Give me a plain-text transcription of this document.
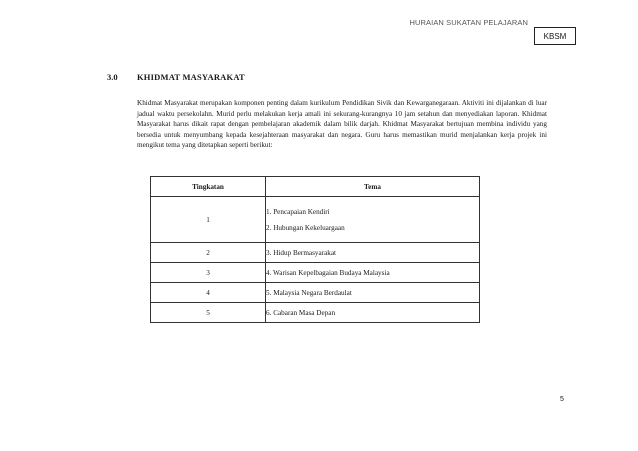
HURAIAN SUKATAN PELAJARAN
KBSM
3.0 KHIDMAT MASYARAKAT

Khidmat Masyarakat merupakan komponen penting dalam kurikulum Pendidikan Sivik dan Kewarganegaraan. Aktiviti ini dijalankan di luar jadual waktu persekolahn. Murid perlu melakukan kerja amali ini sekurang-kurangnya 10 jam setahun dan menyediakan laporan. Khidmat Masyarakat harus dikait rapat dengan pembelajaran akademik dalam bilik darjah. Khidmat Masyarakat bertujuan membina individu yang bersedia untuk menyumbang kepada kesejahteraan masyarakat dan negara. Guru harus memastikan murid menjalankan kerja projek ini mengikut tema yang ditetapkan seperti berikut:

Tingkatan	Tema
1	1. Pencapaian Kendiri
2. Hubungan Kekeluargaan

2	3. Hidup Bermasyarakat
3	4. Warisan Kepelbagaian Budaya Malaysia
4	5. Malaysia Negara Berdaulat
5	6. Cabaran Masa Depan
5
